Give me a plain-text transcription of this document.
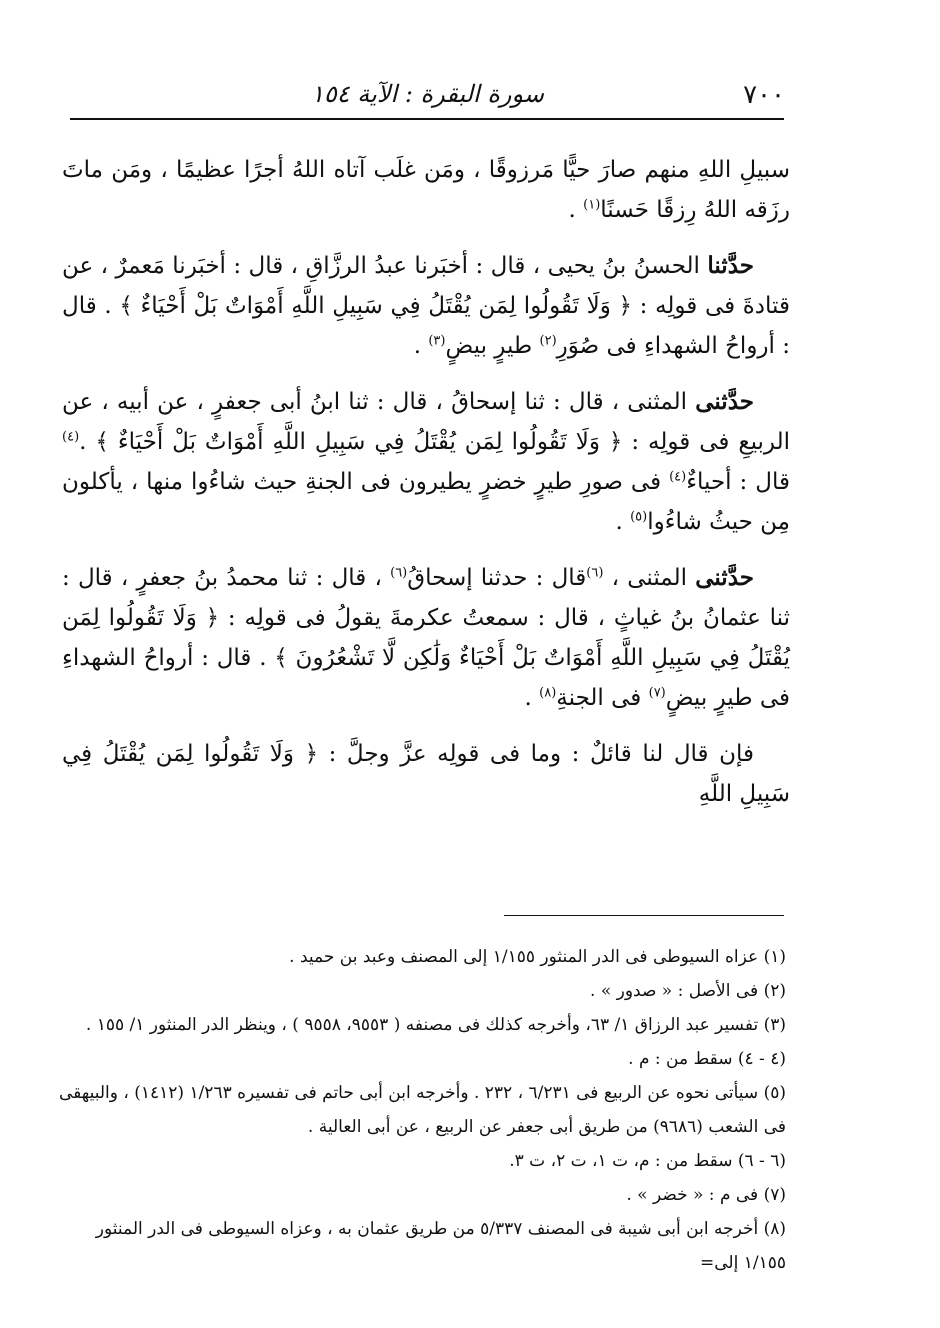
٧٠٠
سورة البقرة : الآية ١٥٤

سبيلِ اللهِ منهم صارَ حيًّا مَرزوقًا ، ومَن غلَب آتاه اللهُ أجرًا عظيمًا ، ومَن ماتَ رزَقه اللهُ رِزقًا حَسنًا$^{(١)}$ .

حدَّثنا الحسنُ بنُ يحيى ، قال : أخبَرنا عبدُ الرزَّاقِ ، قال : أخبَرنا مَعمرٌ ، عن قتادةَ فى قولِه : ﴿ وَلَا تَقُولُوا لِمَن يُقْتَلُ فِي سَبِيلِ اللَّهِ أَمْوَاتٌ بَلْ أَحْيَاءٌ ﴾ . قال : أرواحُ الشهداءِ فى صُوَرِ$^{(٢)}$ طيرٍ بيضٍ$^{(٣)}$ .

حدَّثنى المثنى ، قال : ثنا إسحاقُ ، قال : ثنا ابنُ أبى جعفرٍ ، عن أبيه ، عن الربيعِ فى قولِه : ﴿ وَلَا تَقُولُوا لِمَن يُقْتَلُ فِي سَبِيلِ اللَّهِ أَمْوَاتٌ بَلْ أَحْيَاءٌ ﴾ .$^{(٤)}$ قال : أحياءٌ$^{(٤)}$ فى صورِ طيرٍ خضرٍ يطيرون فى الجنةِ حيث شاءُوا منها ، يأكلون مِن حيثُ شاءُوا$^{(٥)}$ .

حدَّثنى المثنى ، $^{(٦)}$قال : حدثنا إسحاقُ$^{(٦)}$ ، قال : ثنا محمدُ بنُ جعفرٍ ، قال : ثنا عثمانُ بنُ غياثٍ ، قال : سمعتُ عكرمةَ يقولُ فى قولِه : ﴿ وَلَا تَقُولُوا لِمَن يُقْتَلُ فِي سَبِيلِ اللَّهِ أَمْوَاتٌ بَلْ أَحْيَاءٌ وَلَٰكِن لَّا تَشْعُرُونَ ﴾ . قال : أرواحُ الشهداءِ فى طيرٍ بيضٍ$^{(٧)}$ فى الجنةِ$^{(٨)}$ .

فإن قال لنا قائلٌ : وما فى قولِه عزَّ وجلَّ : ﴿ وَلَا تَقُولُوا لِمَن يُقْتَلُ فِي سَبِيلِ اللَّهِ

(١) عزاه السيوطى فى الدر المنثور ١/١٥٥ إلى المصنف وعبد بن حميد .

(٢) فى الأصل : « صدور » .

(٣) تفسير عبد الرزاق ١/ ٦٣، وأخرجه كذلك فى مصنفه ( ٩٥٥٣، ٩٥٥٨ ) ، وينظر الدر المنثور ١/ ١٥٥ .

(٤ - ٤) سقط من : م .

(٥) سيأتى نحوه عن الربيع فى ٦/٢٣١ ، ٢٣٢ . وأخرجه ابن أبى حاتم فى تفسيره ١/٢٦٣ (١٤١٢) ، والبيهقى فى الشعب (٩٦٨٦) من طريق أبى جعفر عن الربيع ، عن أبى العالية .

(٦ - ٦) سقط من : م، ت ١، ت ٢، ت ٣.

(٧) فى م : « خضر » .

(٨) أخرجه ابن أبى شيبة فى المصنف ٥/٣٣٧ من طريق عثمان به ، وعزاه السيوطى فى الدر المنثور ١/١٥٥ إلى=
